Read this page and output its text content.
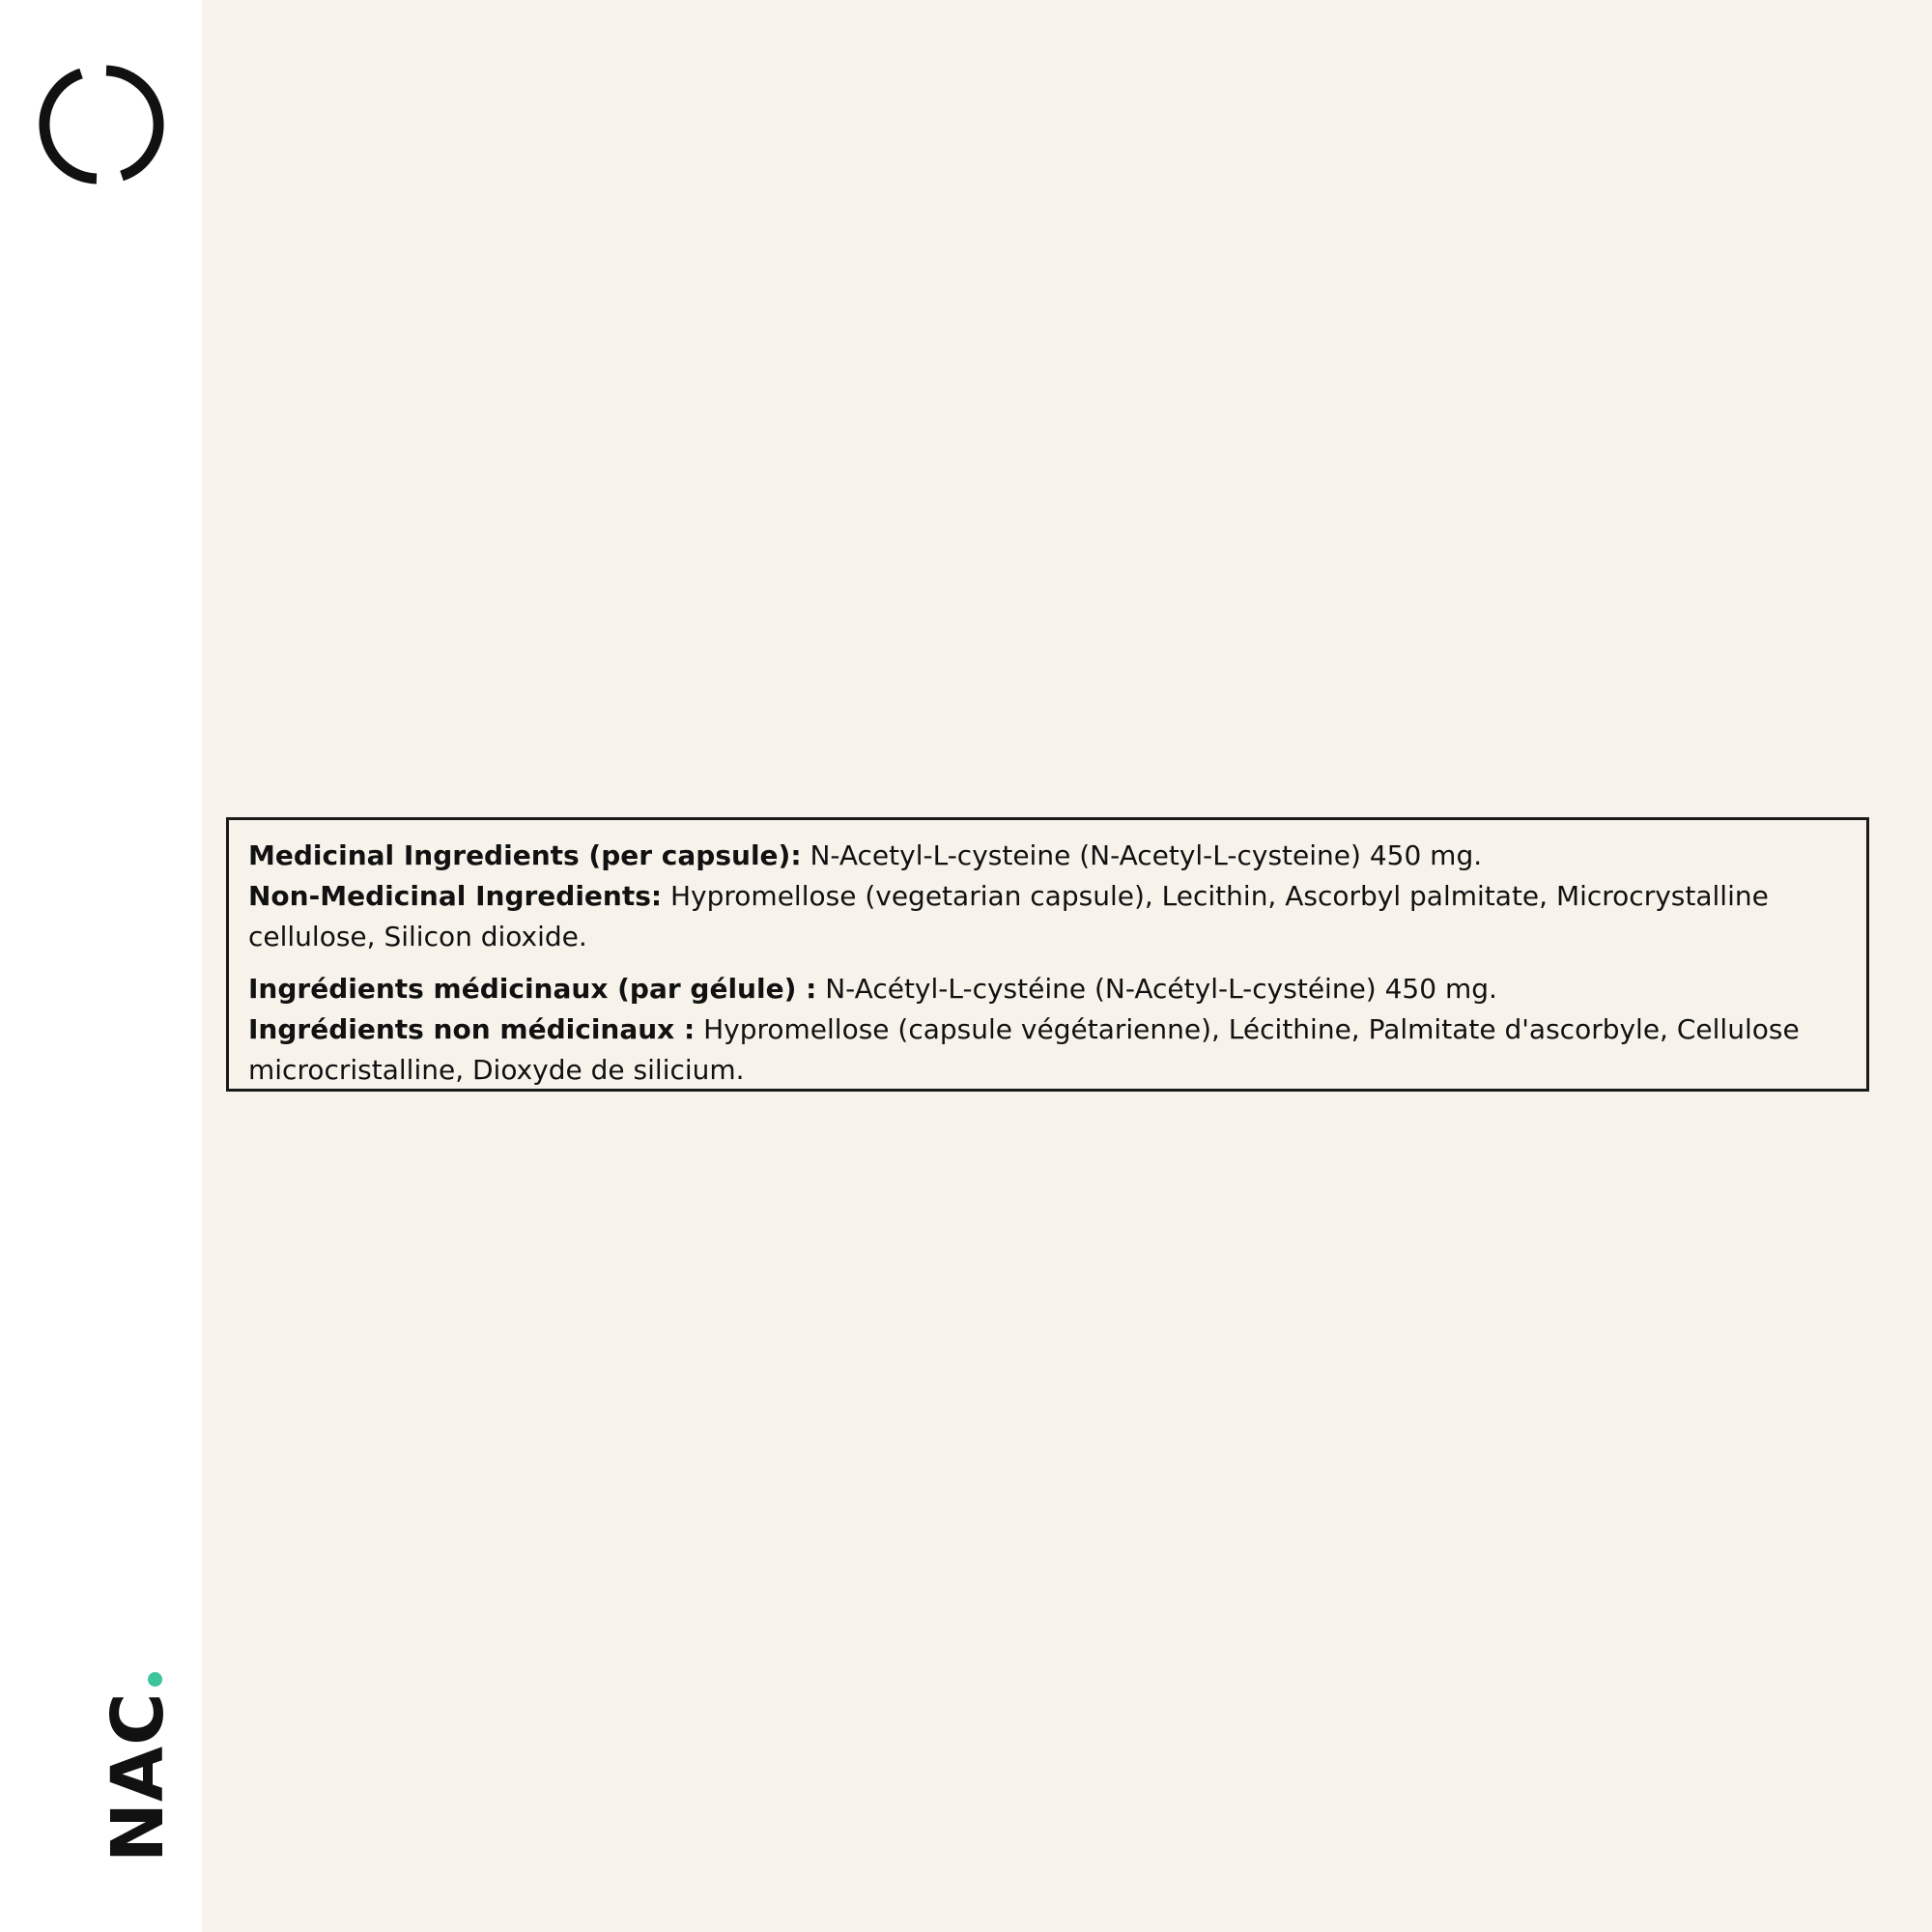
NAC

Medicinal Ingredients (per capsule): N-Acetyl-L-cysteine (N-Acetyl-L-cysteine) 450 mg.

Non-Medicinal Ingredients: Hypromellose (vegetarian capsule), Lecithin, Ascorbyl palmitate, Microcrystalline cellulose, Silicon dioxide.

Ingrédients médicinaux (par gélule) : N-Acétyl-L-cystéine (N-Acétyl-L-cystéine) 450 mg.

Ingrédients non médicinaux : Hypromellose (capsule végétarienne), Lécithine, Palmitate d'ascorbyle, Cellulose microcristalline, Dioxyde de silicium.
